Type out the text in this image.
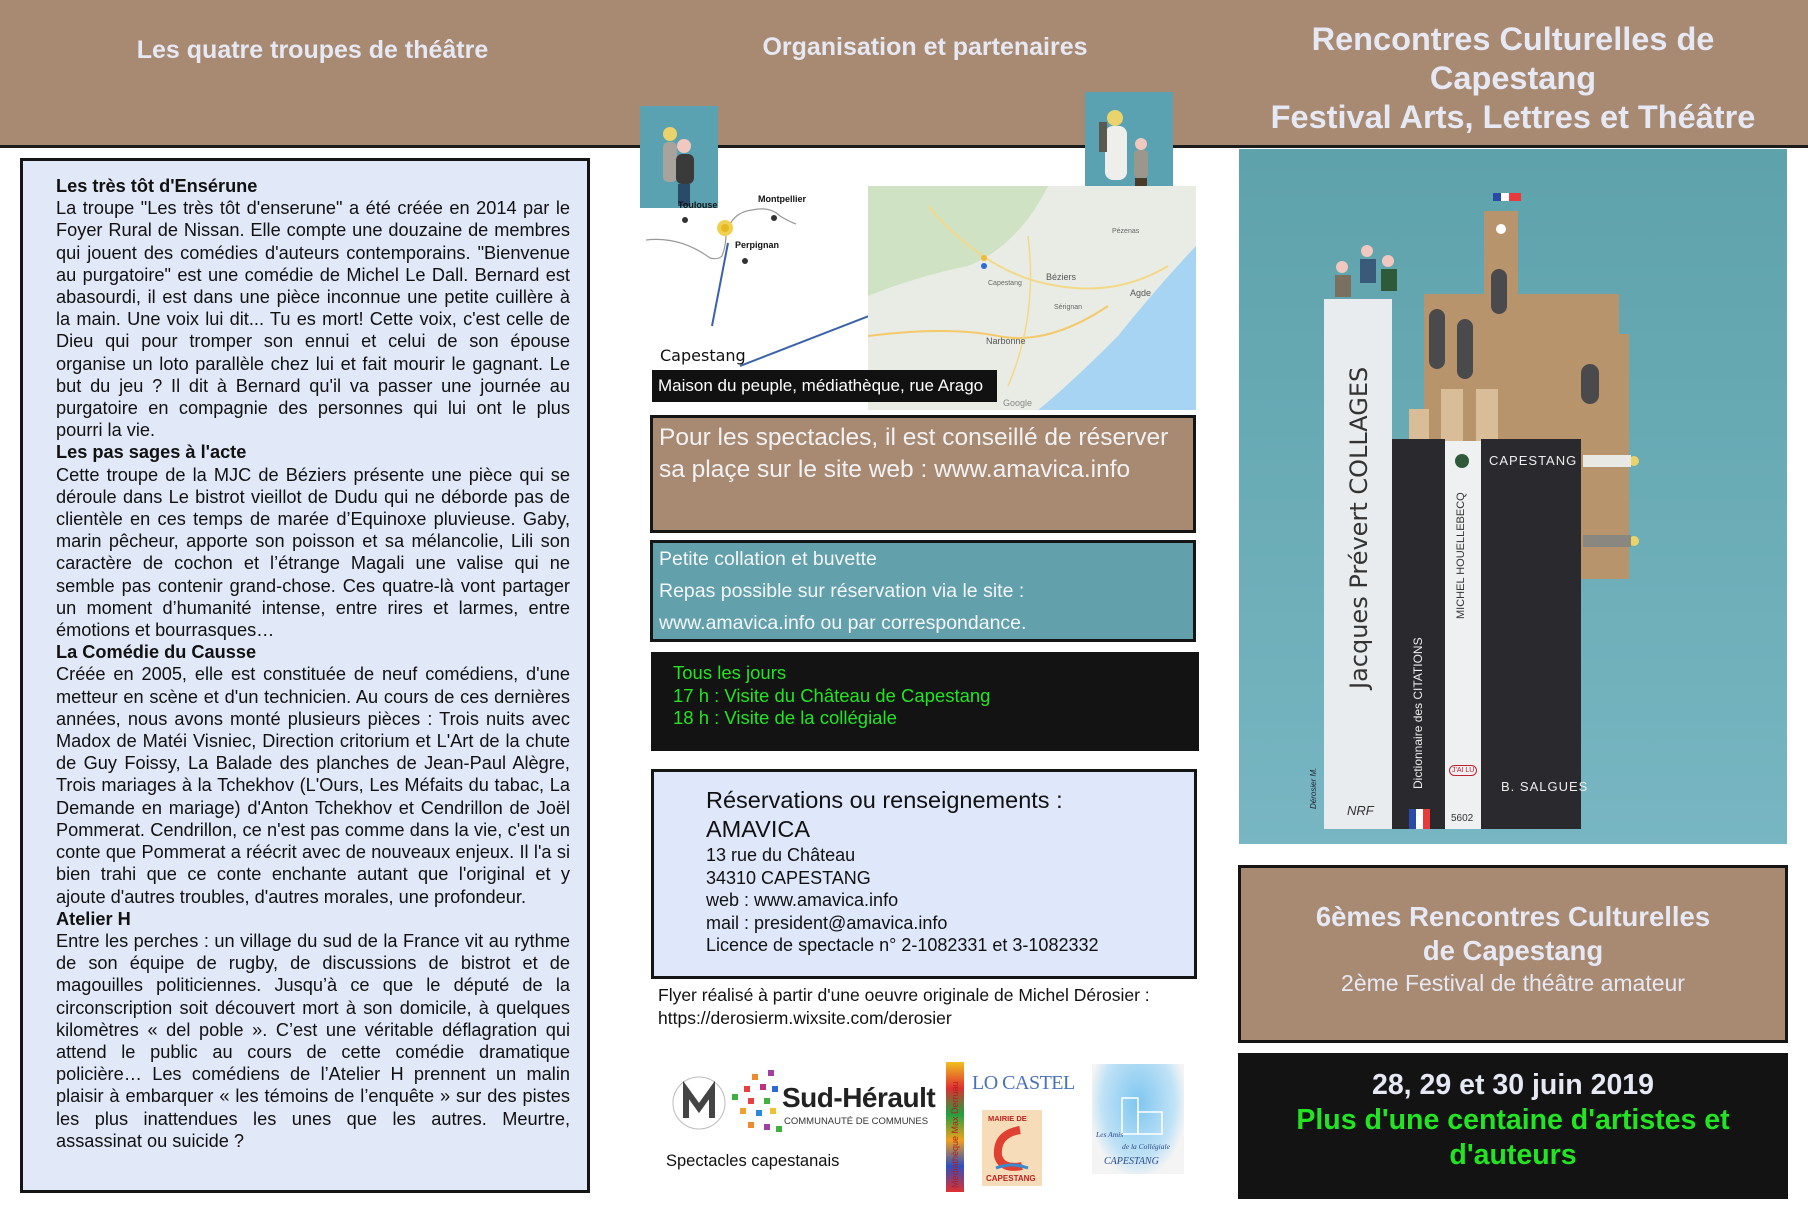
Les quatre troupes de théâtre	Organisation et partenaires	Rencontres Culturelles de
Capestang
Festival Arts, Lettres et Théâtre
Les très tôt d'Ensérune

La troupe "Les très tôt d'enserune" a été créée en 2014 par le Foyer Rural de Nissan. Elle compte une douzaine de membres qui jouent des comédies d'auteurs contemporains. "Bienvenue au purgatoire" est une comédie de Michel Le Dall. Bernard est abasourdi, il est dans une pièce inconnue une petite cuillère à la main. Une voix lui dit... Tu es mort! Cette voix, c'est celle de Dieu qui pour tromper son ennui et celui de son épouse organise un loto parallèle chez lui et fait mourir le gagnant. Le but du jeu ? Il dit à Bernard qu'il va passer une journée au purgatoire en compagnie des personnes qui lui ont le plus pourri la vie.

Les pas sages à l'acte

Cette troupe de la MJC de Béziers présente une pièce qui se déroule dans Le bistrot vieillot de Dudu qui ne déborde pas de clientèle en ces temps de marée d’Equinoxe pluvieuse. Gaby, marin pêcheur, apporte son poisson et sa mélancolie, Lili son caractère de cochon et l’étrange Magali une valise qui ne semble pas contenir grand-chose. Ces quatre-là vont partager un moment d’humanité intense, entre rires et larmes, entre émotions et bourrasques…

La Comédie du Causse

Créée en 2005, elle est constituée de neuf comédiens, d'une metteur en scène et d'un technicien. Au cours de ces dernières années, nous avons monté plusieurs pièces : Trois nuits avec Madox de Matéi Visniec, Direction critorium et L'Art de la chute de Guy Foissy, La Balade des planches de Jean-Paul Alègre, Trois mariages à la Tchekhov (L'Ours, Les Méfaits du tabac, La Demande en mariage) d'Anton Tchekhov et Cendrillon de Joël Pommerat. Cendrillon, ce n'est pas comme dans la vie, c'est un conte que Pommerat a réécrit avec de nouveaux enjeux. Il l'a si bien trahi que ce conte enchante autant que l'original et y ajoute d'autres troubles, d'autres morales, une profondeur.

Atelier H

Entre les perches : un village du sud de la France vit au rythme de son équipe de rugby, de discussions de bistrot et de magouilles politiciennes. Jusqu’à ce que le député de la circonscription soit découvert mort à son domicile, à quelques kilomètres « del poble ». C’est une véritable déflagration qui attend le public au cours de cette comédie dramatique policière… Les comédiens de l’Atelier H prennent un malin plaisir à embarquer « les témoins de l’enquête » sur des pistes les plus inattendues les unes que les autres. Meurtre, assassinat ou suicide ?

Toulouse
Montpellier
Perpignan
Capestang
Béziers
Narbonne
Agde
Capestang
Pézenas
Sérignan
Google
Maison du peuple, médiathèque, rue Arago
Pour les spectacles, il est conseillé de réserver sa plaçe sur le site web : www.amavica.info
Petite collation et buvette
Repas possible sur réservation via le site :
www.amavica.info ou par correspondance.
Tous les jours
17 h : Visite du Château de Capestang
18 h : Visite de la collégiale
Réservations ou renseignements :
AMAVICA
13 rue du Château
34310 CAPESTANG
web : www.amavica.info
mail : president@amavica.info
Licence de spectacle n° 2-1082331 et 3-1082332
Flyer réalisé à partir d'une oeuvre originale de Michel Dérosier :
https://derosierm.wixsite.com/derosier
Sud-Hérault
COMMUNAUTÉ DE COMMUNES
Spectacles capestanais	Médiathèque Max Derruau LO CASTEL
MAIRIE DE
CAPESTANG
Les Amis
de la Collégiale
CAPESTANG
Jacques Prévert COLLAGES
NRF
Dictionnaire des CITATIONS
MICHEL HOUELLEBECQ
J'AI LU
5602
CAPESTANG
B. SALGUES
Dérosier M.
6èmes Rencontres Culturelles
de Capestang
2ème Festival de théâtre amateur
28, 29 et 30 juin 2019
Plus d'une centaine d'artistes et
d'auteurs
